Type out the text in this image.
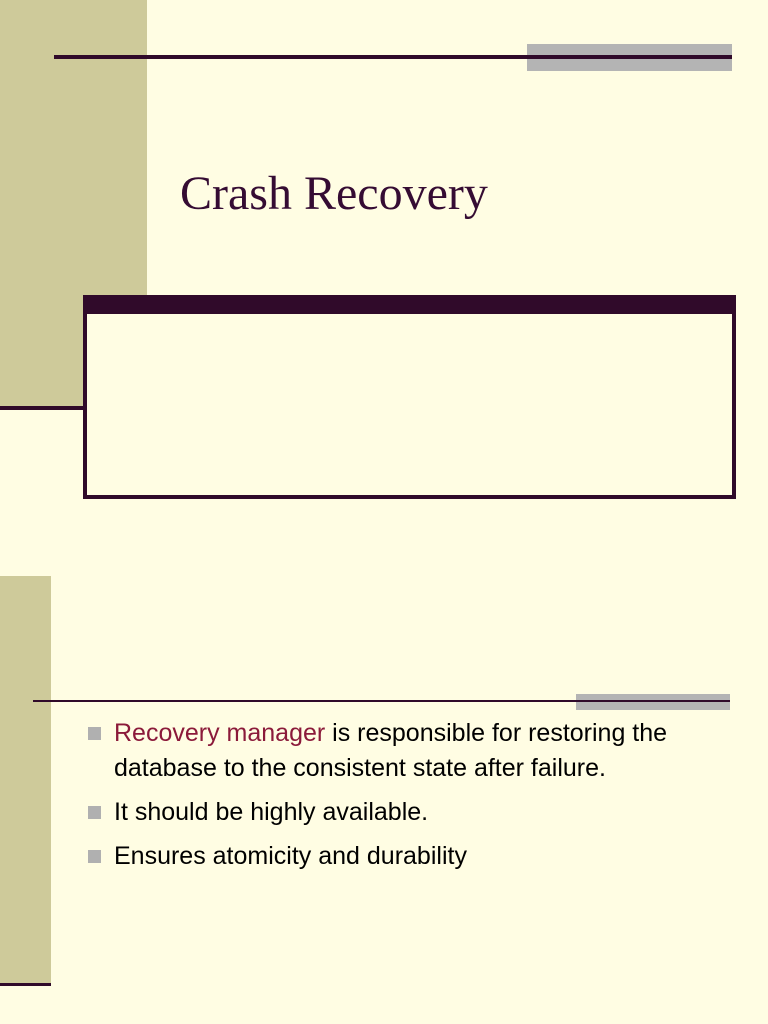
Crash Recovery
Recovery manager is responsible for restoring the database to the consistent state after failure.
It should be highly available.
Ensures atomicity and durability
